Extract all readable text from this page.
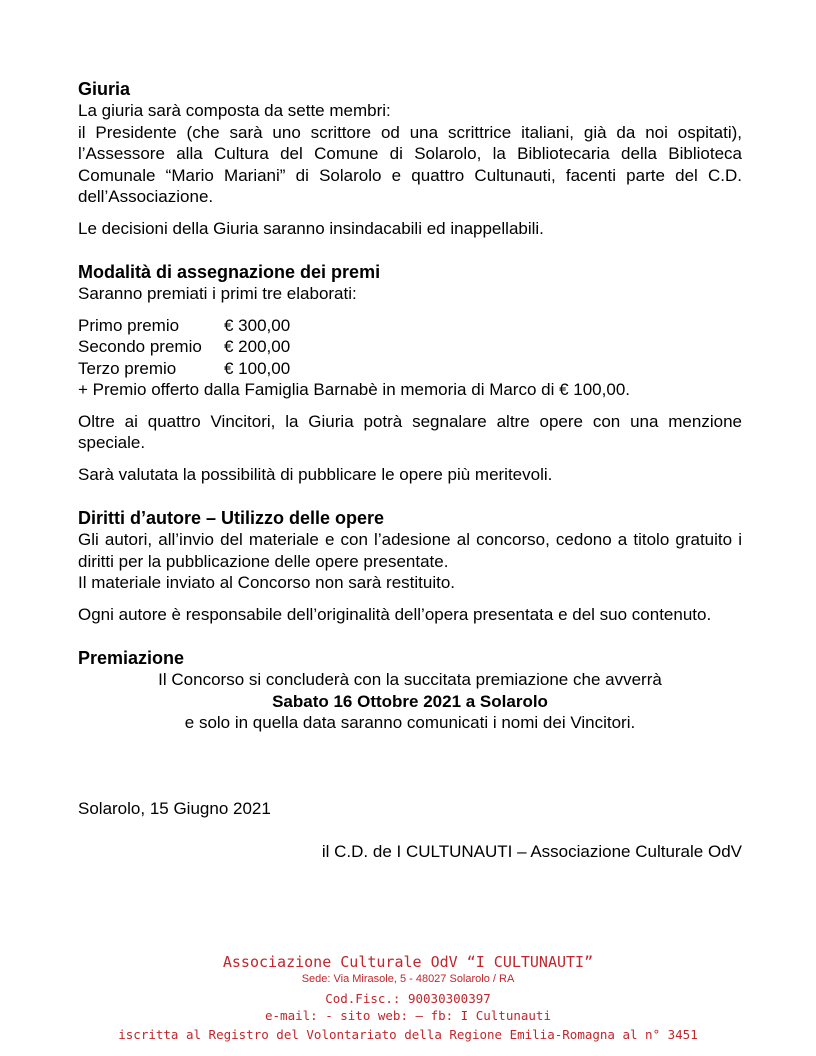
Giuria

La giuria sarà composta da sette membri:

il Presidente (che sarà uno scrittore od una scrittrice italiani, già da noi ospitati), l’Assessore alla Cultura del Comune di Solarolo, la Bibliotecaria della Biblioteca Comunale “Mario Mariani” di Solarolo e quattro Cultunauti, facenti parte del C.D. dell’Associazione.

Le decisioni della Giuria saranno insindacabili ed inappellabili.

Modalità di assegnazione dei premi

Saranno premiati i primi tre elaborati:

Primo premio	€ 300,00
Secondo premio	€ 200,00
Terzo premio	€ 100,00

+ Premio offerto dalla Famiglia Barnabè in memoria di Marco di € 100,00.

Oltre ai quattro Vincitori, la Giuria potrà segnalare altre opere con una menzione speciale.

Sarà valutata la possibilità di pubblicare le opere più meritevoli.

Diritti d’autore – Utilizzo delle opere

Gli autori, all’invio del materiale e con l’adesione al concorso, cedono a titolo gratuito i diritti per la pubblicazione delle opere presentate.

Il materiale inviato al Concorso non sarà restituito.

Ogni autore è responsabile dell’originalità dell’opera presentata e del suo contenuto.

Premiazione

Il Concorso si concluderà con la succitata premiazione che avverrà

Sabato 16 Ottobre 2021 a Solarolo

e solo in quella data saranno comunicati i nomi dei Vincitori.

Solarolo, 15 Giugno 2021

il C.D. de I CULTUNAUTI – Associazione Culturale OdV

Associazione Culturale OdV “I CULTUNAUTI”
Sede: Via Mirasole, 5 - 48027 Solarolo / RA
Cod.Fisc.: 90030300397
e-mail: - sito web: – fb: I Cultunauti
iscritta al Registro del Volontariato della Regione Emilia-Romagna al n° 3451
